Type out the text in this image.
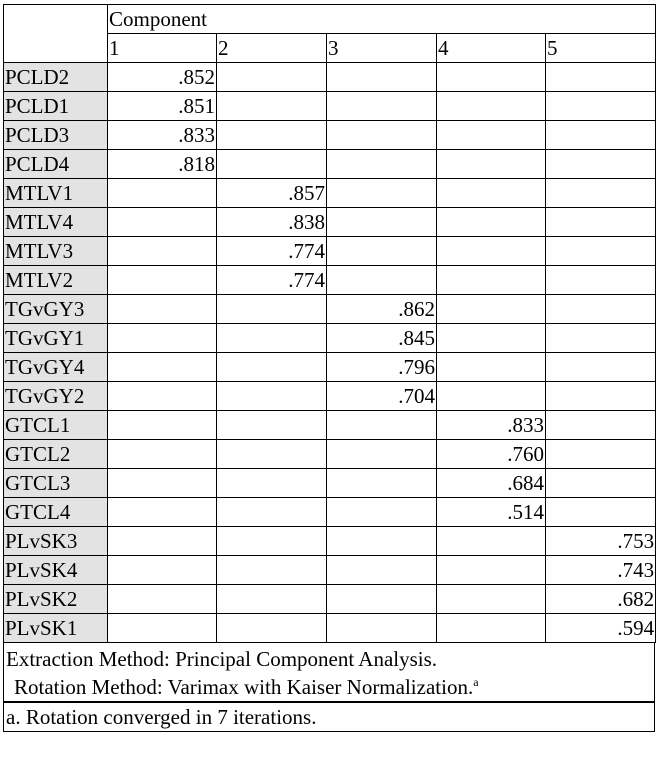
	Component				
	1	2	3	4	5
PCLD2	.852				
PCLD1	.851				
PCLD3	.833				
PCLD4	.818				
MTLV1		.857			
MTLV4		.838			
MTLV3		.774			
MTLV2		.774			
TGvGY3			.862		
TGvGY1			.845		
TGvGY4			.796		
TGvGY2			.704		
GTCL1				.833	
GTCL2				.760	
GTCL3				.684	
GTCL4				.514	
PLvSK3					.753
PLvSK4					.743
PLvSK2					.682
PLvSK1					.594
Extraction Method: Principal Component Analysis.
Rotation Method: Varimax with Kaiser Normalization.$^a$
a. Rotation converged in 7 iterations.
